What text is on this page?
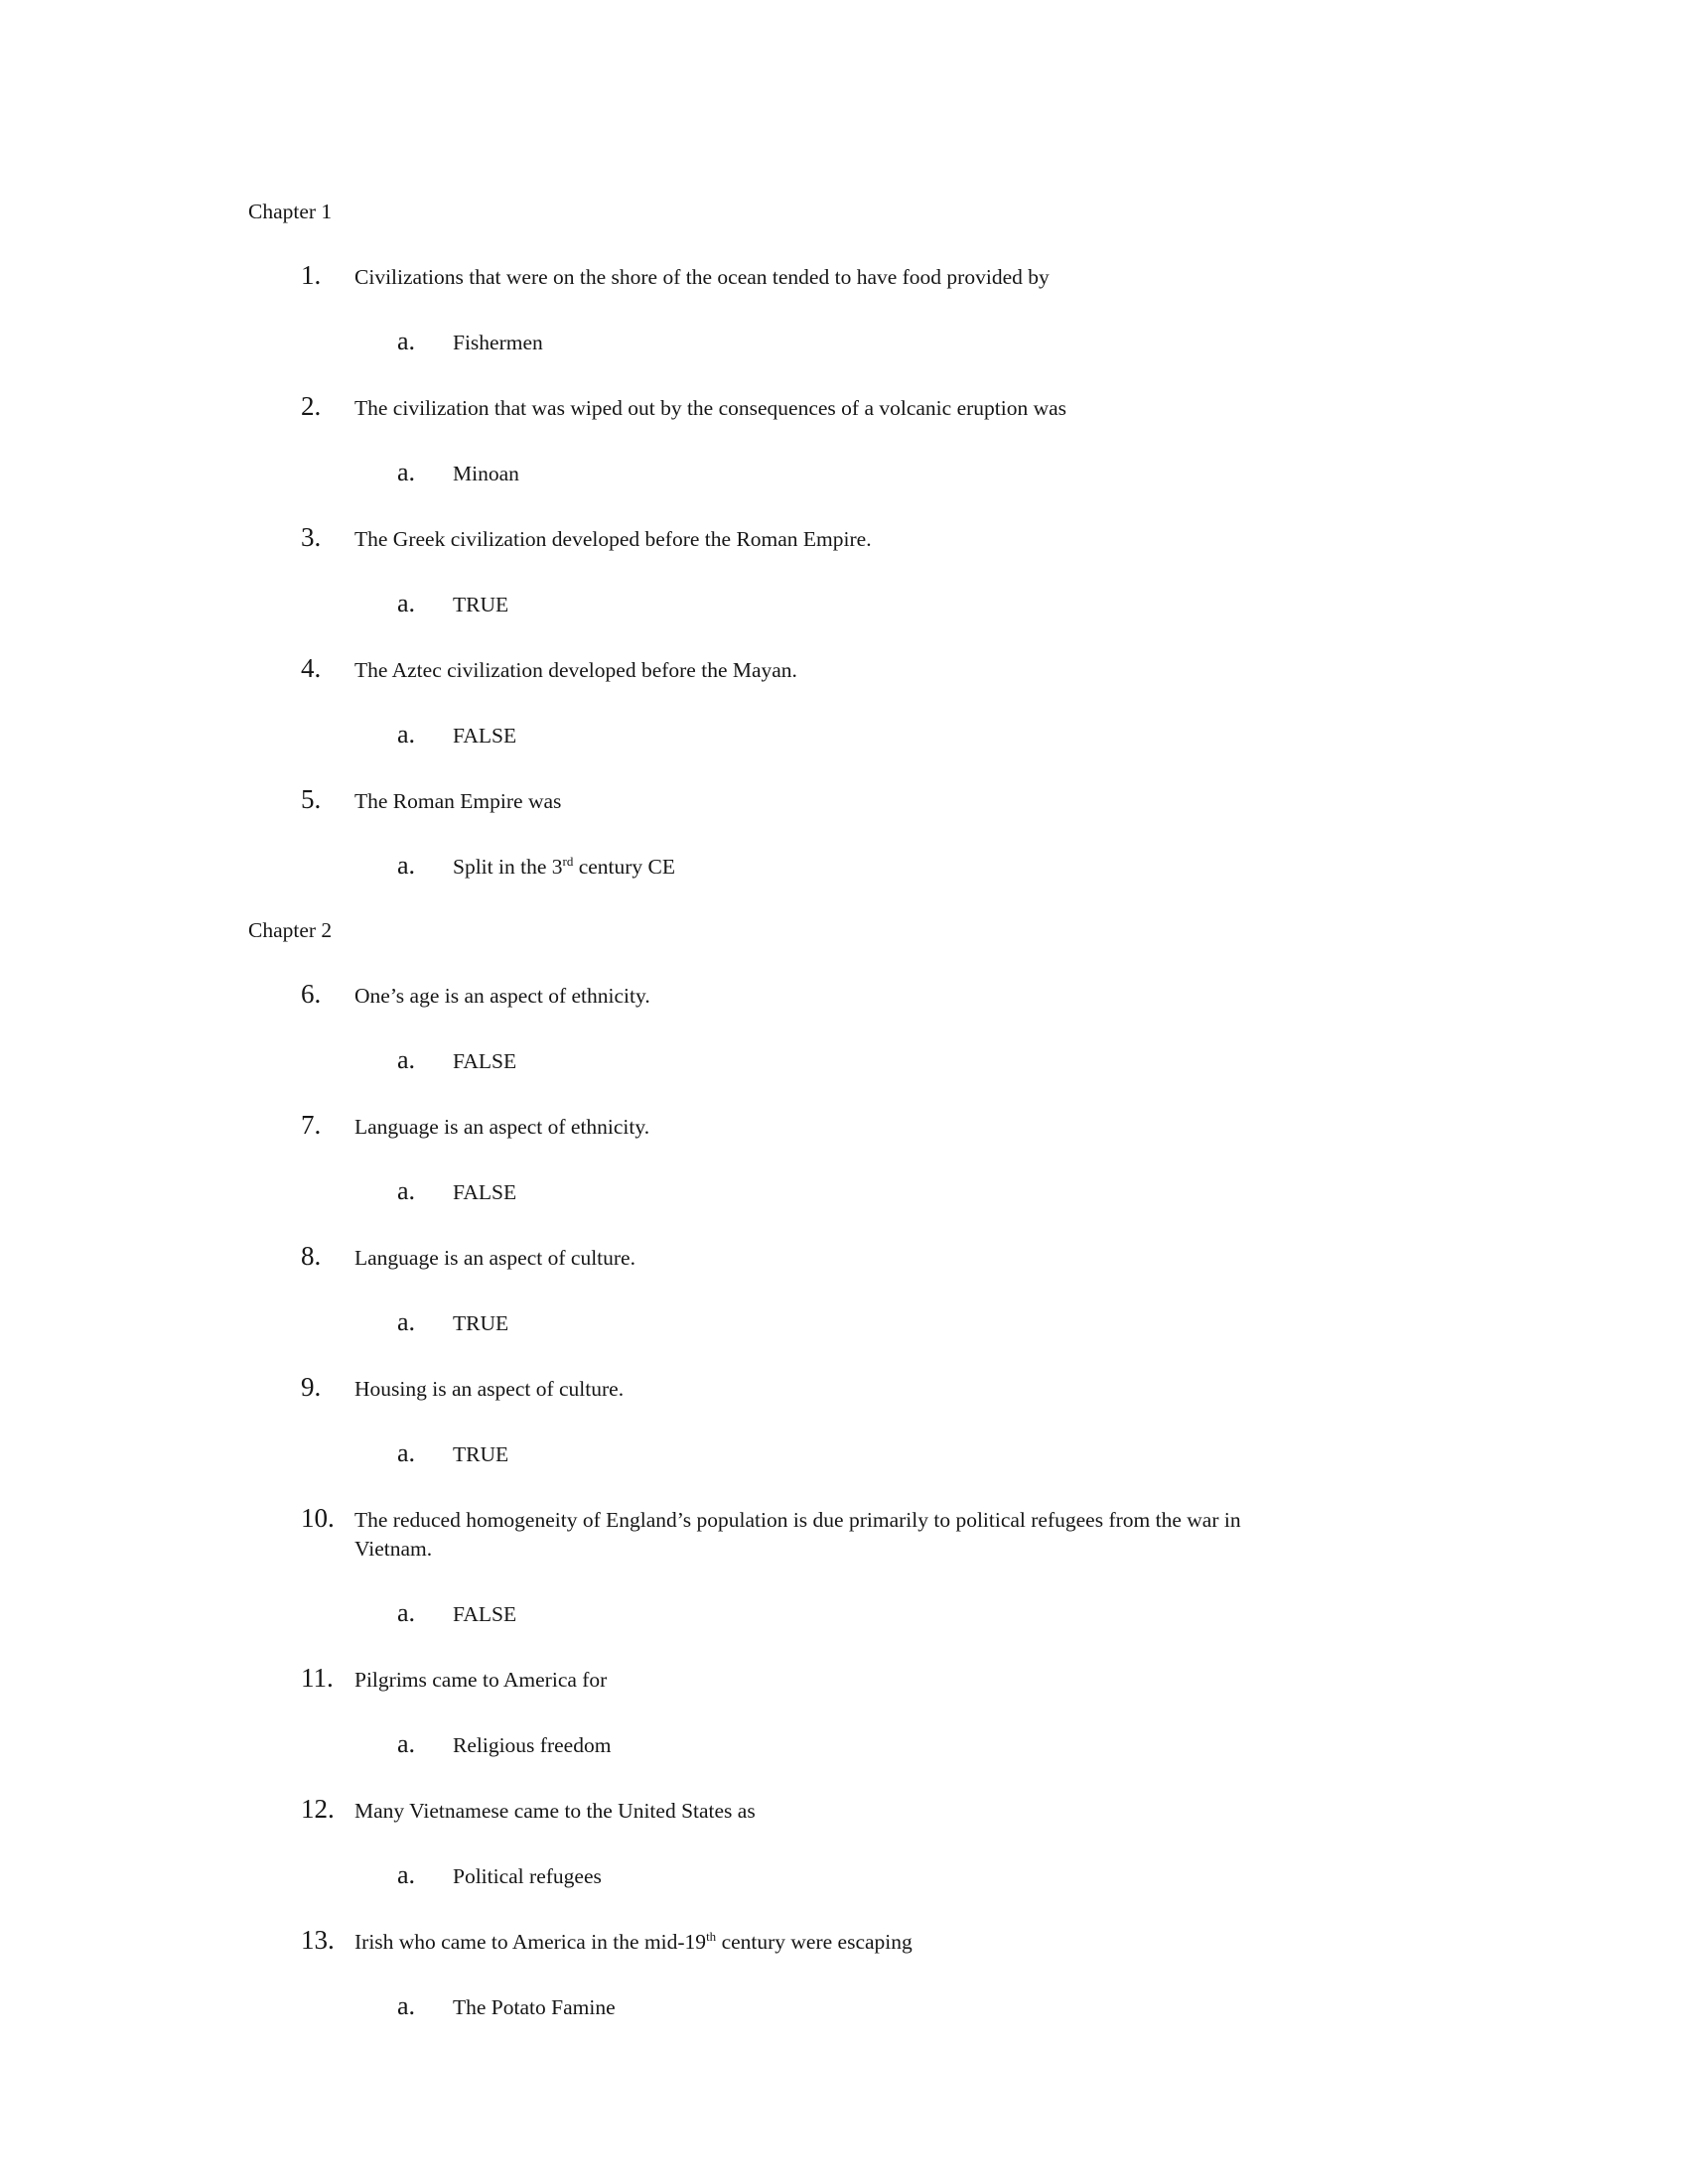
Chapter 1
1.	Civilizations that were on the shore of the ocean tended to have food provided by
a.	Fishermen
2.	The civilization that was wiped out by the consequences of a volcanic eruption was
a.	Minoan
3.	The Greek civilization developed before the Roman Empire.
a.	TRUE
4.	The Aztec civilization developed before the Mayan.
a.	FALSE
5.	The Roman Empire was
a.	Split in the 3rd century CE
Chapter 2
6.	One’s age is an aspect of ethnicity.
a.	FALSE
7.	Language is an aspect of ethnicity.
a.	FALSE
8.	Language is an aspect of culture.
a.	TRUE
9.	Housing is an aspect of culture.
a.	TRUE
10. The reduced homogeneity of England’s population is due primarily to political refugees from the war in
Vietnam.
a.	FALSE
11. Pilgrims came to America for
a.	Religious freedom
12. Many Vietnamese came to the United States as
a.	Political refugees
13. Irish who came to America in the mid-19th century were escaping
a.	The Potato Famine
